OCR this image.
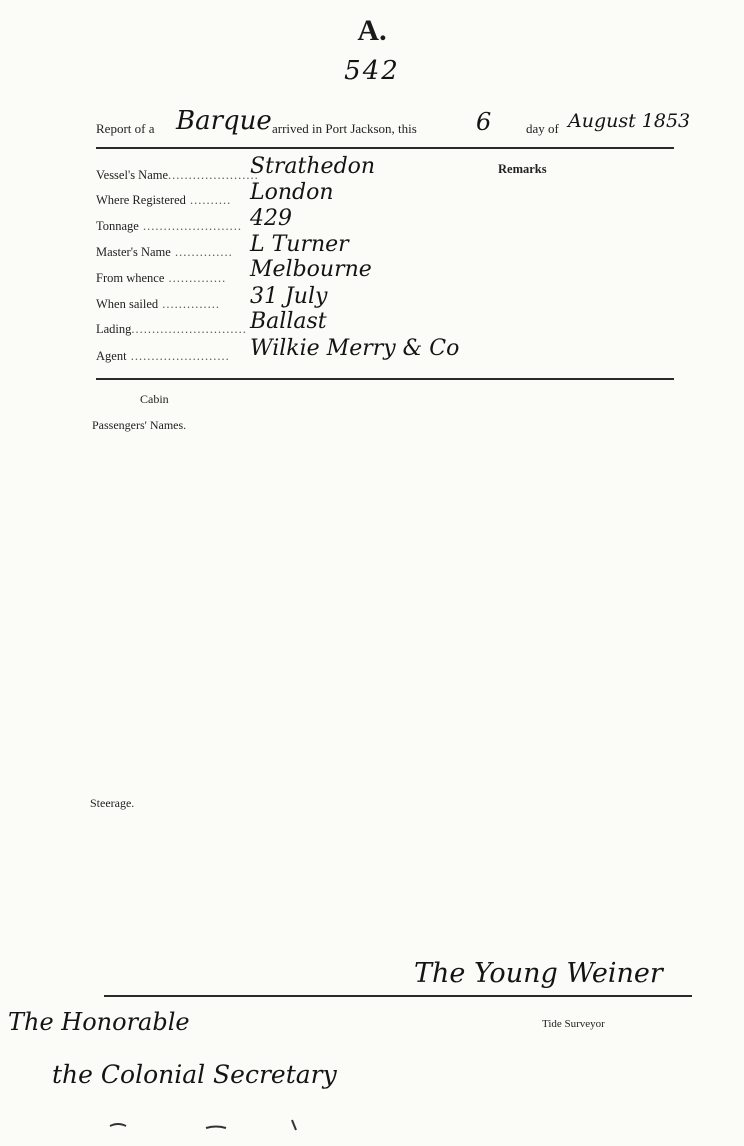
A.
542
Report of a Barque arrived in Port Jackson, this 6	day of August 1853
Remarks
Vessel's Name......................
Strathedon
Where Registered .......... London
Tonnage ........................ 429
Master's Name .............. L Turner
From whence ..............	Melbourne
When sailed ..............	31 July
Lading............................ Ballast
Agent ........................ Wilkie Merry & Co
Cabin
Passengers' Names.
Steerage.
The Young Weiner
Tide Surveyor
The Honorable
the Colonial Secretary
